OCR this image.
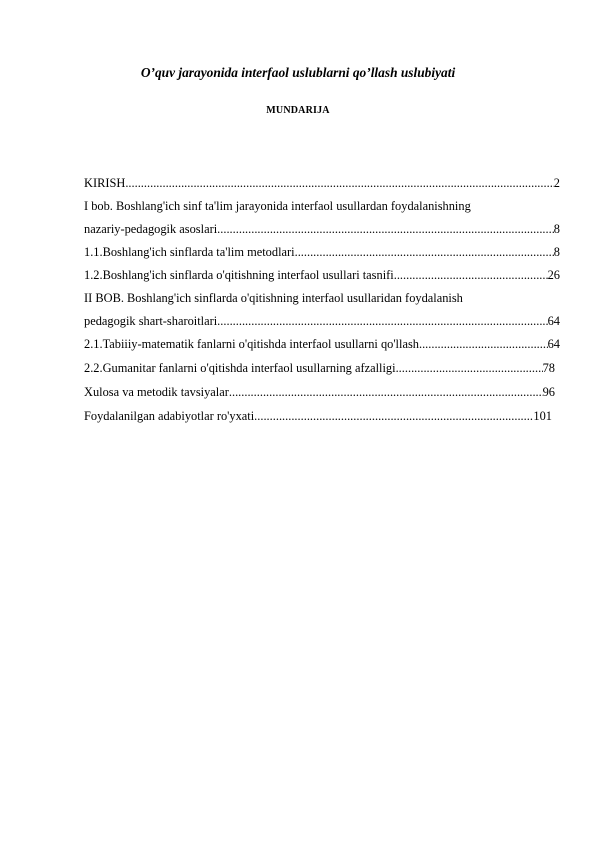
O’quv jarayonida interfaol uslublarni qo’llash uslubiyati
MUNDARIJA
KIRISH .....	2
I bob. Boshlang'ich sinf ta'lim jarayonida interfaol usullardan foydalanishning
nazariy-pedagogik asoslari .....	8
1.1.Boshlang'ich sinflarda ta'lim metodlari .....	8
1.2.Boshlang'ich sinflarda o'qitishning interfaol usullari tasnifi .....	26
II BOB. Boshlang'ich sinflarda o'qitishning interfaol usullaridan foydalanish
pedagogik shart-sharoitlari .....	64
2.1.Tabiiiy-matematik fanlarni o'qitishda interfaol usullarni qo'llash .....	64
2.2.Gumanitar fanlarni o'qitishda interfaol usullarning afzalligi .....	78
Xulosa va metodik tavsiyalar .....	96
Foydalanilgan adabiyotlar ro'yxati .....	101
